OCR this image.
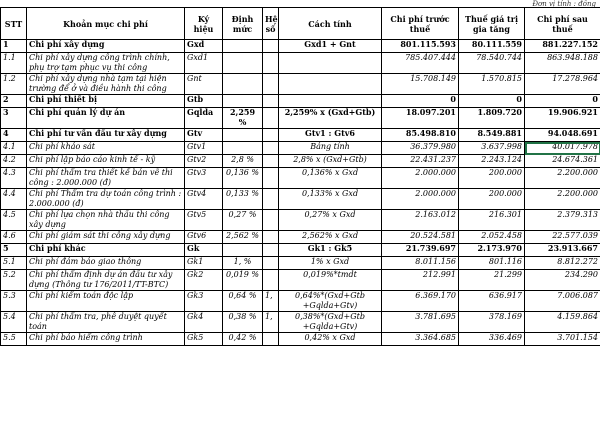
Đơn vị tính : đồng
STT	Khoản mục chi phí	Ký hiệu	Định mức	Hệ số	Cách tính	Chi phí trước thuế	Thuế giá trị gia tăng	Chi phí sau thuế
1	Chi phí xây dựng	Gxd			Gxd1 + Gnt	801.115.593	80.111.559	881.227.152
1.1	Chi phí xây dựng công trình chính, phụ trợ tạm phục vụ thi công	Gxd1				785.407.444	78.540.744	863.948.188
1.2	Chi phí xây dựng nhà tạm tại hiện trường để ở và điều hành thi công	Gnt				15.708.149	1.570.815	17.278.964
2	Chi phí thiết bị	Gtb				0	0	0
3	Chi phí quản lý dự án	Gqlda	2,259 %		2,259% x (Gxd+Gtb)	18.097.201	1.809.720	19.906.921
4	Chi phí tư vấn đầu tư xây dựng	Gtv			Gtv1 : Gtv6	85.498.810	8.549.881	94.048.691
4.1	Chi phí khảo sát	Gtv1			Bảng tính	36.379.980	3.637.998	40.017.978
4.2	Chi phí lập báo cáo kinh tế - kỹ	Gtv2	2,8 %		2,8% x (Gxd+Gtb)	22.431.237	2.243.124	24.674.361
4.3	Chi phí thẩm tra thiết kế bản vẽ thi công : 2.000.000 (đ)	Gtv3	0,136 %		0,136% x Gxd	2.000.000	200.000	2.200.000
4.4	Chi phí Thẩm tra dự toán công trình : 2.000.000 (đ)	Gtv4	0,133 %		0,133% x Gxd	2.000.000	200.000	2.200.000
4.5	Chi phí lựa chọn nhà thầu thi công xây dựng	Gtv5	0,27 %		0,27% x Gxd	2.163.012	216.301	2.379.313
4.6	Chi phí giám sát thi công xây dựng	Gtv6	2,562 %		2,562% x Gxd	20.524.581	2.052.458	22.577.039
5	Chi phí khác	Gk			Gk1 : Gk5	21.739.697	2.173.970	23.913.667
5.1	Chi phí đảm bảo giao thông	Gk1	1, %		1% x Gxd	8.011.156	801.116	8.812.272
5.2	Chi phí thẩm định dự án đầu tư xây dựng (Thông tư 176/2011/TT-BTC)	Gk2	0,019 %		0,019%*tmdt	212.991	21.299	234.290
5.3	Chi phí kiểm toán độc lập	Gk3	0,64 %	1,	0,64%*(Gxd+Gtb +Gqlda+Gtv)	6.369.170	636.917	7.006.087
5.4	Chi phí thẩm tra, phê duyệt quyết toán	Gk4	0,38 %	1,	0,38%*(Gxd+Gtb +Gqlda+Gtv)	3.781.695	378.169	4.159.864
5.5	Chi phí bảo hiểm công trình	Gk5	0,42 %		0,42% x Gxd	3.364.685	336.469	3.701.154
